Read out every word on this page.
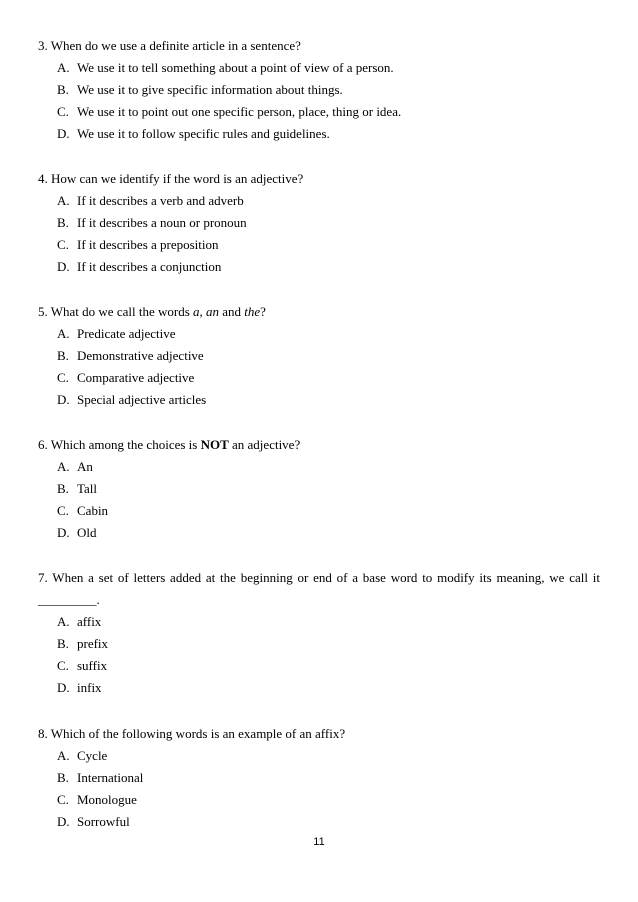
3. When do we use a definite article in a sentence?

A. We use it to tell something about a point of view of a person.
B. We use it to give specific information about things.
C. We use it to point out one specific person, place, thing or idea.
D. We use it to follow specific rules and guidelines.

4. How can we identify if the word is an adjective?

A. If it describes a verb and adverb
B. If it describes a noun or pronoun
C. If it describes a preposition
D. If it describes a conjunction

5. What do we call the words a, an and the?

A. Predicate adjective
B. Demonstrative adjective
C. Comparative adjective
D. Special adjective articles

6. Which among the choices is NOT an adjective?

A. An
B. Tall
C. Cabin
D. Old

7. When a set of letters added at the beginning or end of a base word to modify its meaning, we call it

_________.

A. affix
B. prefix
C. suffix
D. infix

8. Which of the following words is an example of an affix?

A. Cycle
B. International
C. Monologue
D. Sorrowful
11
